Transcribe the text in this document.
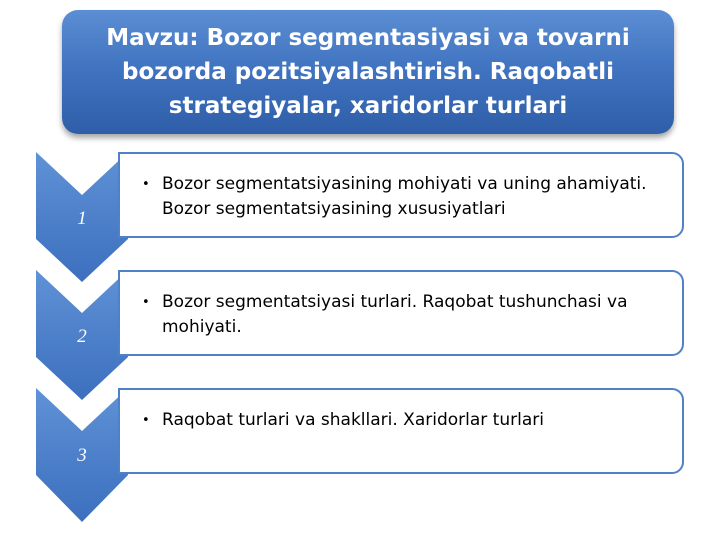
Mavzu: Bozor segmentasiyasi va tovarni bozorda pozitsiyalashtirish. Raqobatli strategiyalar, xaridorlar turlari
1
2
3
• Bozor segmentatsiyasining mohiyati va uning ahamiyati. Bozor segmentatsiyasining xususiyatlari
• Bozor segmentatsiyasi turlari. Raqobat tushunchasi va mohiyati.
• Raqobat turlari va shakllari. Xaridorlar turlari
